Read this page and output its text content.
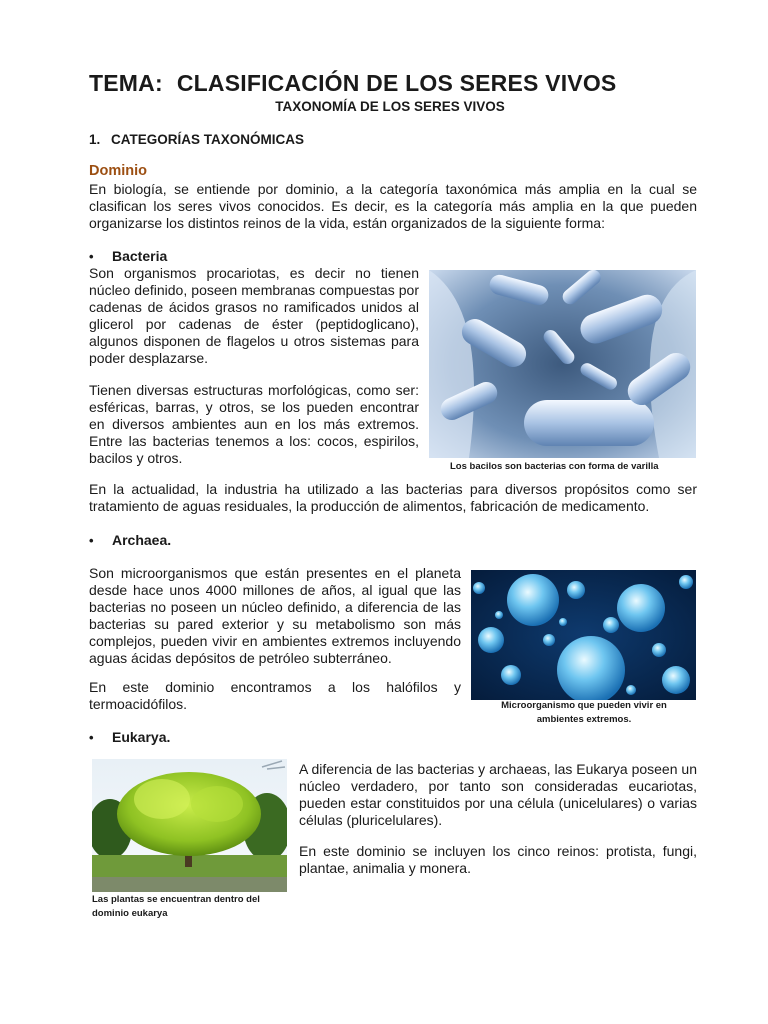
TEMA: CLASIFICACIÓN DE LOS SERES VIVOS
TAXONOMÍA DE LOS SERES VIVOS
1. CATEGORÍAS TAXONÓMICAS
Dominio

En biología, se entiende por dominio, a la categoría taxonómica más amplia en la cual se clasifican los seres vivos conocidos. Es decir, es la categoría más amplia en la que pueden organizarse los distintos reinos de la vida, están organizados de la siguiente forma:

• Bacteria

Son organismos procariotas, es decir no tienen núcleo definido, poseen membranas compuestas por cadenas de ácidos grasos no ramificados unidos al glicerol por cadenas de éster (peptidoglicano), algunos disponen de flagelos u otros sistemas para poder desplazarse.

Tienen diversas estructuras morfológicas, como ser: esféricas, barras, y otros, se los pueden encontrar en diversos ambientes aun en los más extremos. Entre las bacterias tenemos a los: cocos, espirilos, bacilos y otros.

Los bacilos son bacterias con forma de varilla

En la actualidad, la industria ha utilizado a las bacterias para diversos propósitos como ser tratamiento de aguas residuales, la producción de alimentos, fabricación de medicamento.

• Archaea.

Son microorganismos que están presentes en el planeta desde hace unos 4000 millones de años, al igual que las bacterias no poseen un núcleo definido, a diferencia de las bacterias su pared exterior y su metabolismo son más complejos, pueden vivir en ambientes extremos incluyendo aguas ácidas depósitos de petróleo subterráneo.

En este dominio encontramos a los halófilos y termoacidófilos.	Microorganismo que pueden vivir en ambientes extremos.

• Eukarya.

Las plantas se encuentran dentro del dominio eukarya

A diferencia de las bacterias y archaeas, las Eukarya poseen un núcleo verdadero, por tanto son consideradas eucariotas, pueden estar constituidos por una célula (unicelulares) o varias células (pluricelulares).

En este dominio se incluyen los cinco reinos: protista, fungi, plantae, animalia y monera.
